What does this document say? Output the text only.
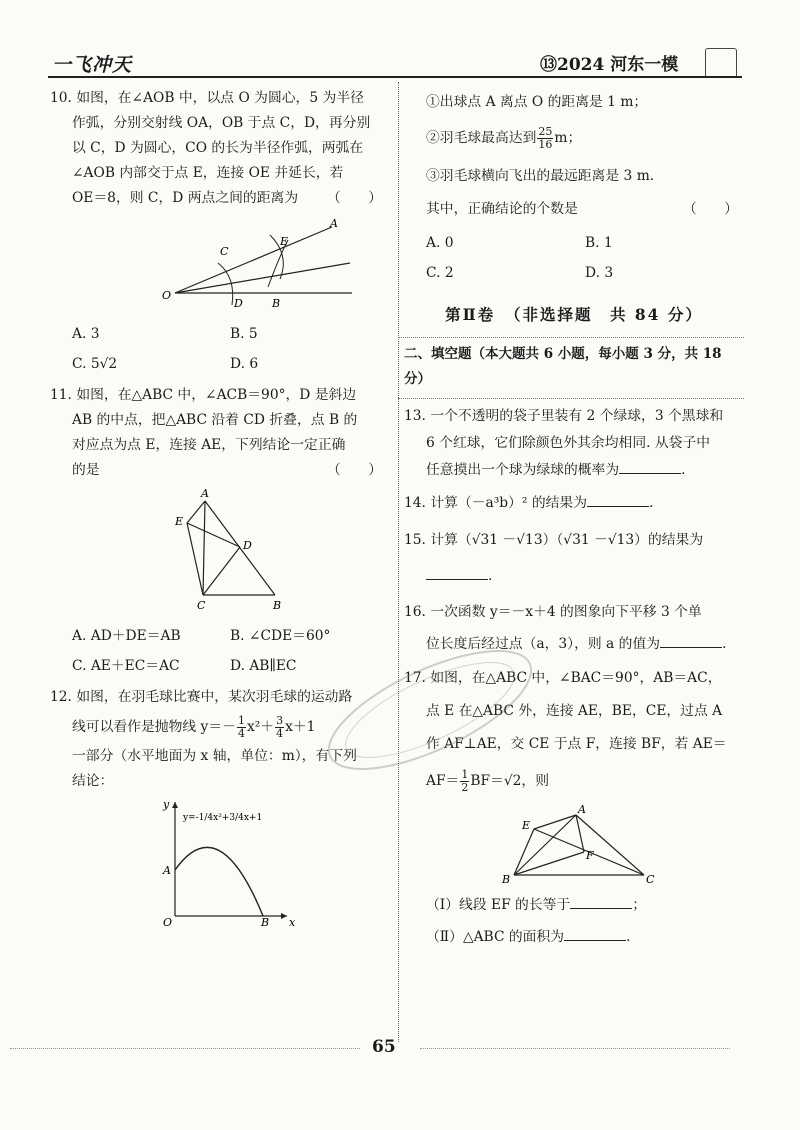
一飞冲天	⑬2024 河东一模
10. 如图，在∠AOB 中，以点 O 为圆心，5 为半径
作弧，分别交射线 OA，OB 于点 C，D，再分别
以 C，D 为圆心，CO 的长为半径作弧，两弧在
∠AOB 内部交于点 E，连接 OE 并延长，若
OE＝8，则 C，D 两点之间的距离为 （　　）
A
C
E
O
D	B
A. 3	B. 5
C. 5√2	D. 6
11. 如图，在△ABC 中，∠ACB＝90°，D 是斜边
AB 的中点，把△ABC 沿着 CD 折叠，点 B 的
对应点为点 E，连接 AE，下列结论一定正确
的是	（　　）
A
E
D
C	B
A. AD＋DE＝AB	B. ∠CDE＝60°
C. AE＋EC＝AC	D. AB∥EC
12. 如图，在羽毛球比赛中，某次羽毛球的运动路
线可以看作是抛物线 $y=- \frac{1}{4} x^2+ \frac{3}{4} x+1$
一部分（水平地面为 x 轴，单位：m），有下列
结论：
y
y=-1/4x²+3/4x+1
A
O	B x
①出球点 A 离点 O 的距离是 1 m；
②羽毛球最高达到 $\frac{25}{16}$ m；
③羽毛球横向飞出的最远距离是 3 m.
其中，正确结论的个数是	（　　）
A. 0	B. 1
C. 2	D. 3
第Ⅱ卷　（非选择题　共 84 分）
二、填空题（本大题共 6 小题，每小题 3 分，共 18 分）
13. 一个不透明的袋子里装有 2 个绿球，3 个黑球和
6 个红球，它们除颜色外其余均相同. 从袋子中
任意摸出一个球为绿球的概率为	.
14. 计算（－a³b）² 的结果为	.
15. 计算（√31 －√13）（√31 －√13）的结果为
.
16. 一次函数 y＝－x＋4 的图象向下平移 3 个单
位长度后经过点（a，3），则 a 的值为	.
17. 如图，在△ABC 中，∠BAC＝90°，AB＝AC，
点 E 在△ABC 外，连接 AE，BE，CE，过点 A
作 AF⊥AE，交 CE 于点 F，连接 BF，若 AE＝
$AF= \frac{1}{2} BF=√2$，则
E
A
F
B	C
（Ⅰ）线段 EF 的长等于	；
（Ⅱ）△ABC 的面积为	.
65
